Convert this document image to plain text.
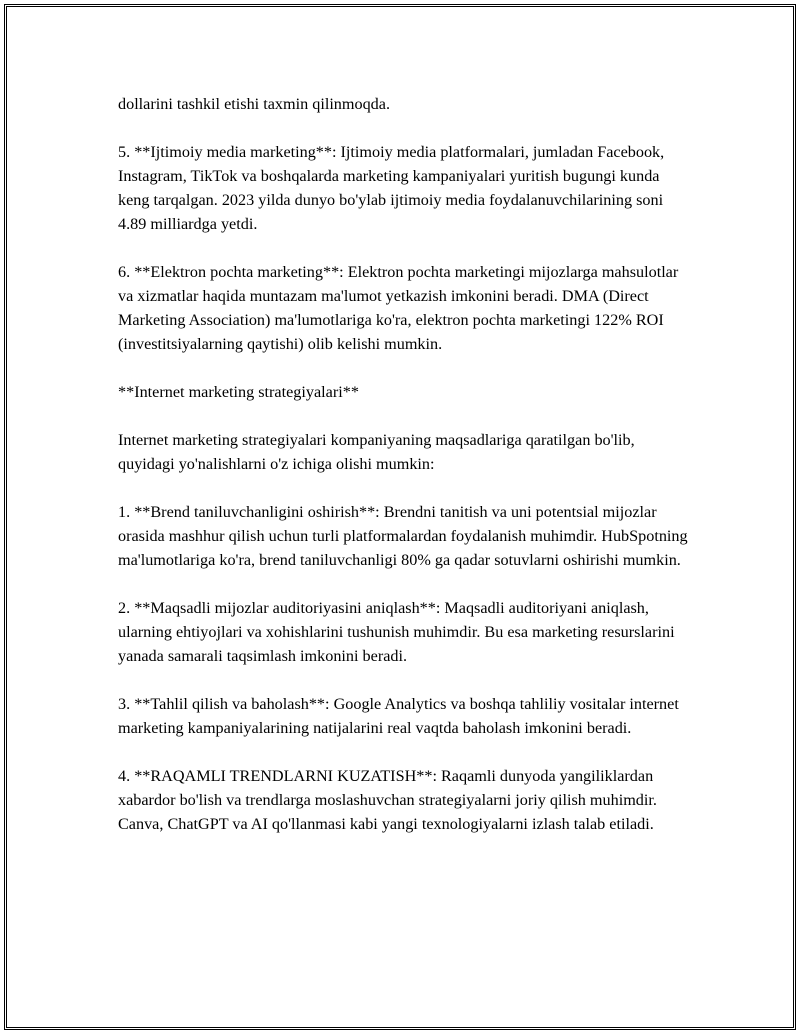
dollarini tashkil etishi taxmin qilinmoqda.

5. **Ijtimoiy media marketing**: Ijtimoiy media platformalari, jumladan Facebook, Instagram, TikTok va boshqalarda marketing kampaniyalari yuritish bugungi kunda keng tarqalgan. 2023 yilda dunyo bo'ylab ijtimoiy media foydalanuvchilarining soni 4.89 milliardga yetdi.

6. **Elektron pochta marketing**: Elektron pochta marketingi mijozlarga mahsulotlar va xizmatlar haqida muntazam ma'lumot yetkazish imkonini beradi. DMA (Direct Marketing Association) ma'lumotlariga ko'ra, elektron pochta marketingi 122% ROI (investitsiyalarning qaytishi) olib kelishi mumkin.

**Internet marketing strategiyalari**

Internet marketing strategiyalari kompaniyaning maqsadlariga qaratilgan bo'lib, quyidagi yo'nalishlarni o'z ichiga olishi mumkin:

1. **Brend taniluvchanligini oshirish**: Brendni tanitish va uni potentsial mijozlar orasida mashhur qilish uchun turli platformalardan foydalanish muhimdir. HubSpotning ma'lumotlariga ko'ra, brend taniluvchanligi 80% ga qadar sotuvlarni oshirishi mumkin.

2. **Maqsadli mijozlar auditoriyasini aniqlash**: Maqsadli auditoriyani aniqlash, ularning ehtiyojlari va xohishlarini tushunish muhimdir. Bu esa marketing resurslarini yanada samarali taqsimlash imkonini beradi.

3. **Tahlil qilish va baholash**: Google Analytics va boshqa tahliliy vositalar internet marketing kampaniyalarining natijalarini real vaqtda baholash imkonini beradi.

4. **RAQAMLI TRENDLARNI KUZATISH**: Raqamli dunyoda yangiliklardan xabardor bo'lish va trendlarga moslashuvchan strategiyalarni joriy qilish muhimdir. Canva, ChatGPT va AI qo'llanmasi kabi yangi texnologiyalarni izlash talab etiladi.
